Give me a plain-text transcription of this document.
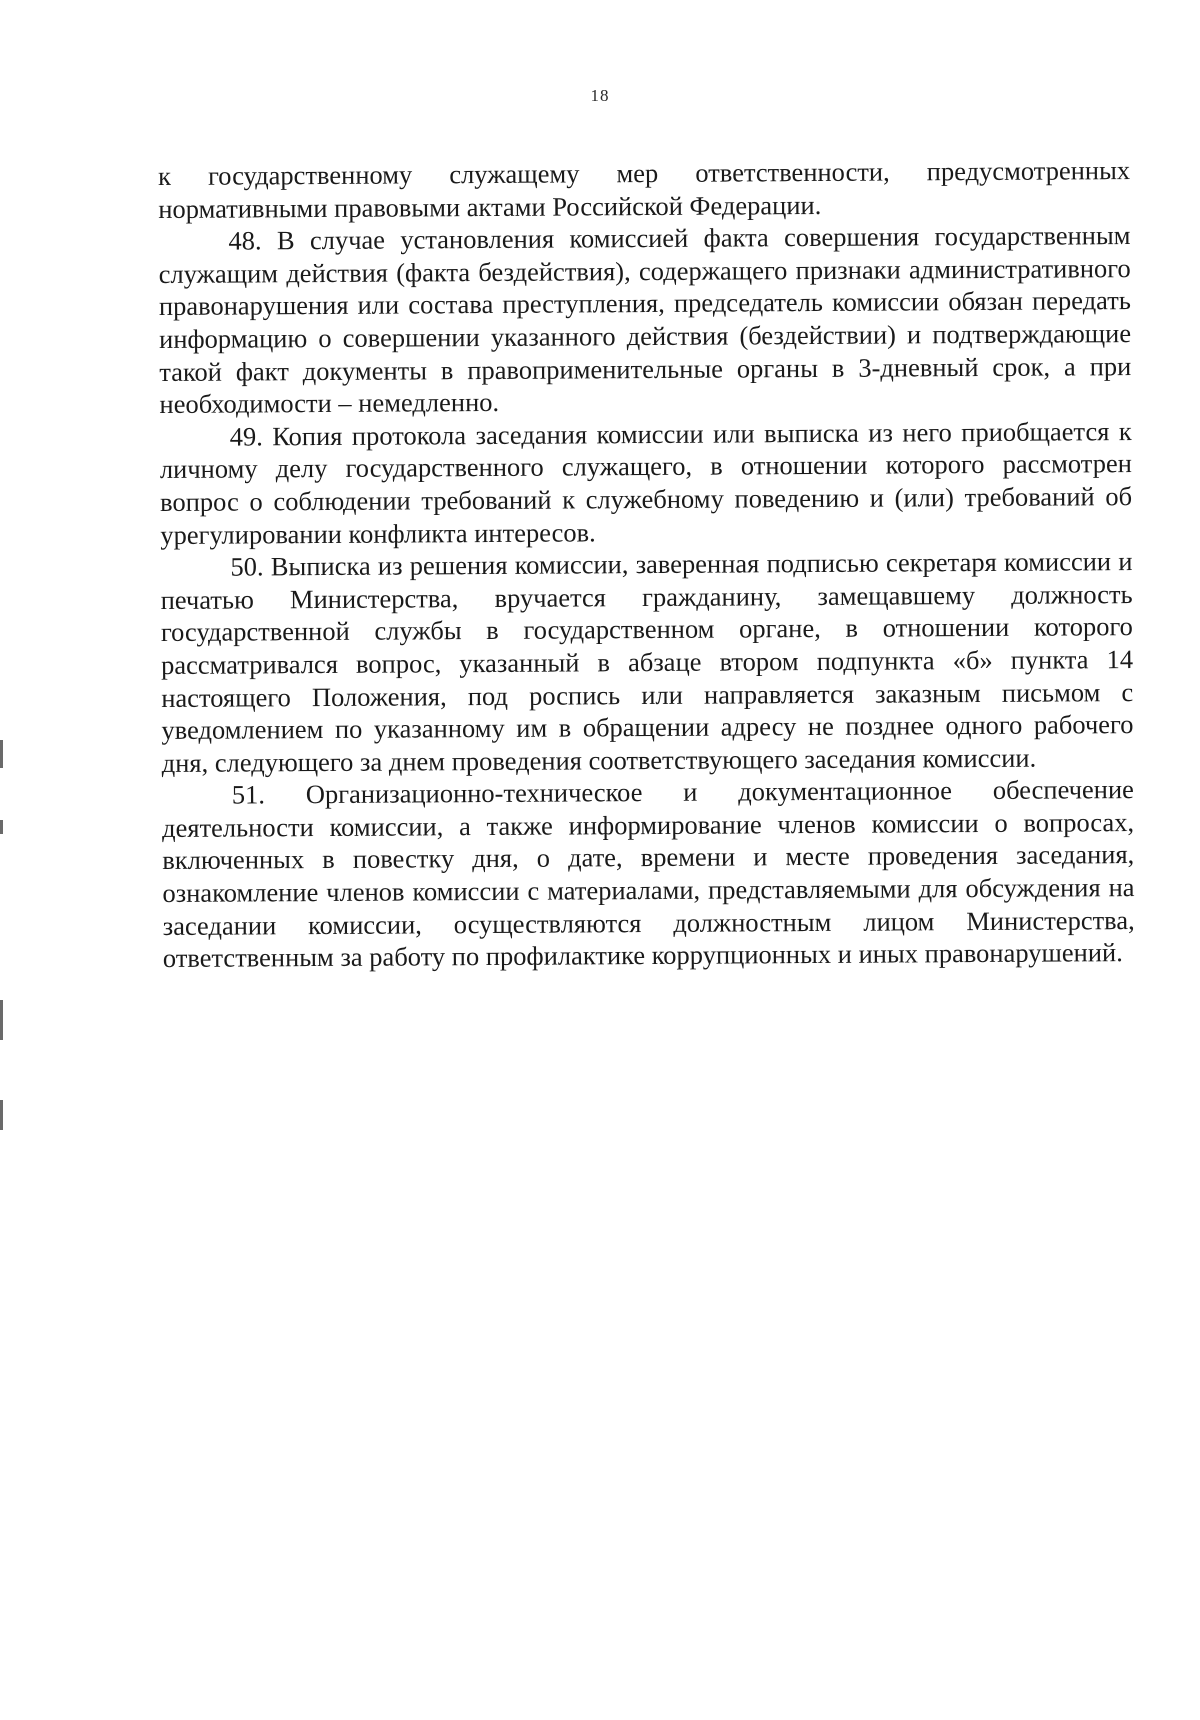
18

к государственному служащему мер ответственности, предусмотренных нормативными правовыми актами Российской Федерации.

48. В случае установления комиссией факта совершения государственным служащим действия (факта бездействия), содержащего признаки административного правонарушения или состава преступления, председатель комиссии обязан передать информацию о совершении указанного действия (бездействии) и подтверждающие такой факт документы в правоприменительные органы в 3-дневный срок, а при необходимости – немедленно.

49. Копия протокола заседания комиссии или выписка из него приобщается к личному делу государственного служащего, в отношении которого рассмотрен вопрос о соблюдении требований к служебному поведению и (или) требований об урегулировании конфликта интересов.

50. Выписка из решения комиссии, заверенная подписью секретаря комиссии и печатью Министерства, вручается гражданину, замещавшему должность государственной службы в государственном органе, в отношении которого рассматривался вопрос, указанный в абзаце втором подпункта «б» пункта 14 настоящего Положения, под роспись или направляется заказным письмом с уведомлением по указанному им в обращении адресу не позднее одного рабочего дня, следующего за днем проведения соответствующего заседания комиссии.

51. Организационно-техническое и документационное обеспечение деятельности комиссии, а также информирование членов комиссии о вопросах, включенных в повестку дня, о дате, времени и месте проведения заседания, ознакомление членов комиссии с материалами, представляемыми для обсуждения на заседании комиссии, осуществляются должностным лицом Министерства, ответственным за работу по профилактике коррупционных и иных правонарушений.
